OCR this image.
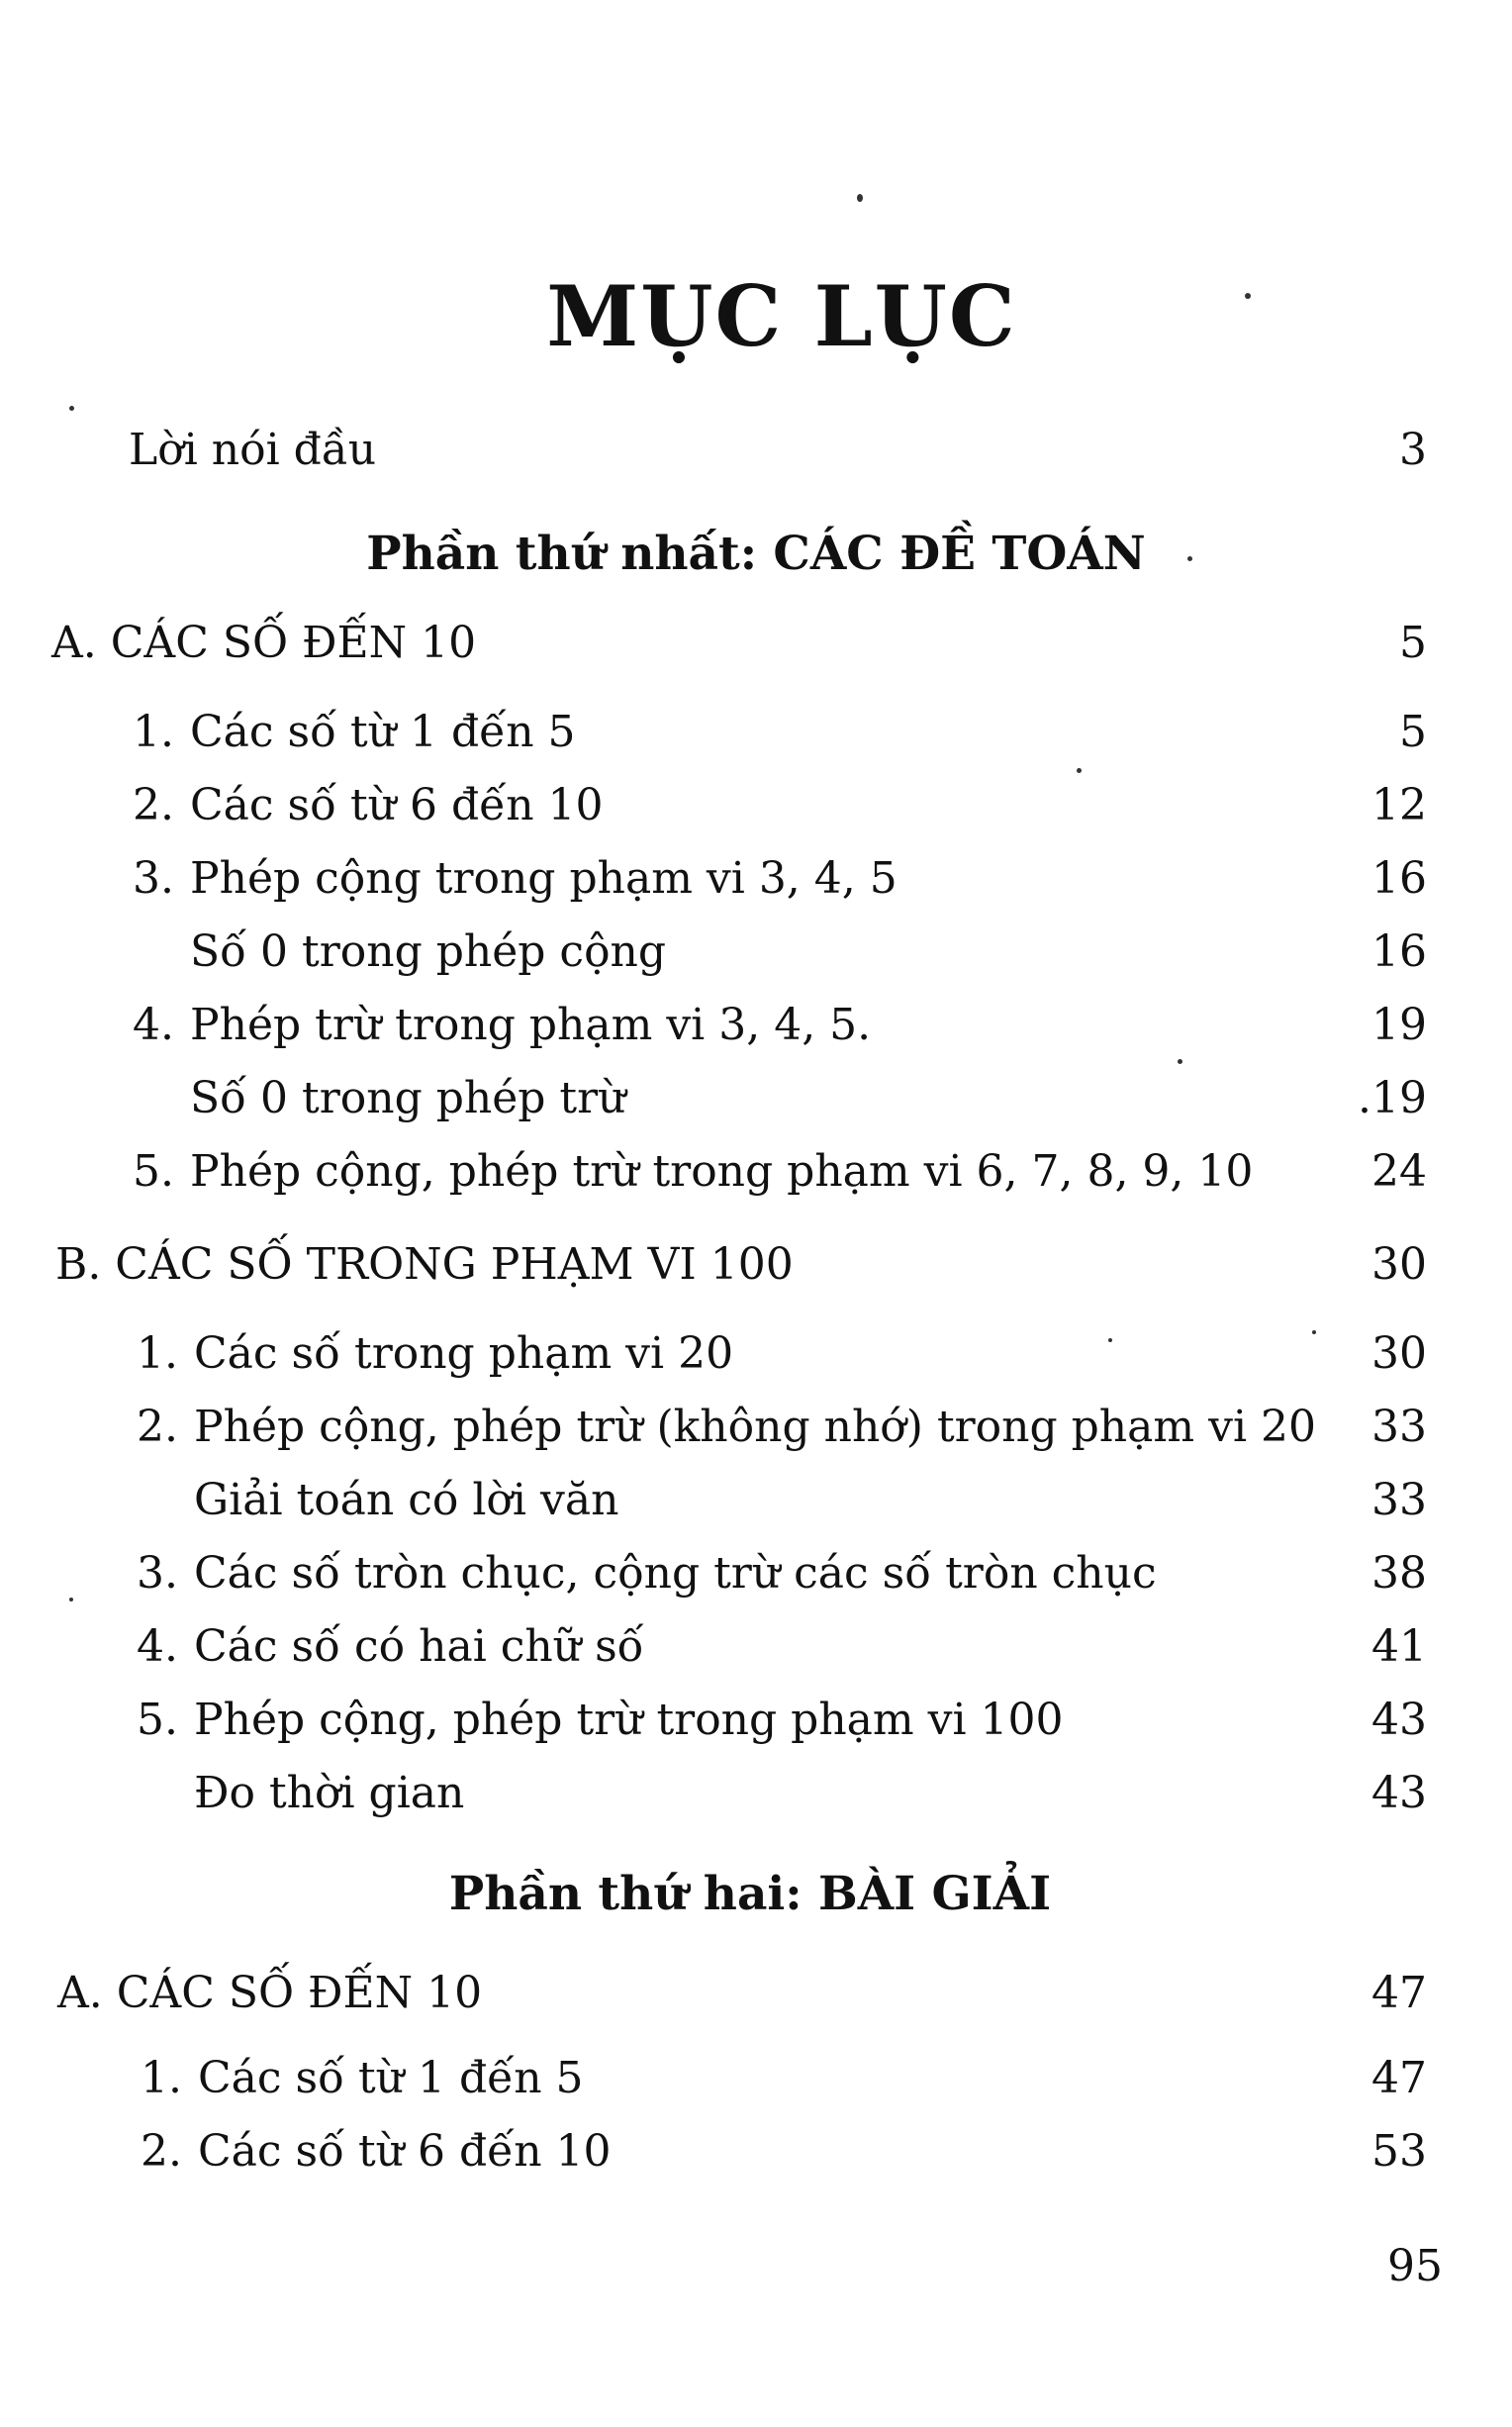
MỤC LỤC
Lời nói đầu	3
Phần thứ nhất: CÁC ĐỀ TOÁN
A. CÁC SỐ ĐẾN 10	5
1. Các số từ 1 đến 5	5
2. Các số từ 6 đến 10	12
3. Phép cộng trong phạm vi 3, 4, 5	16
Số 0 trong phép cộng	16
4. Phép trừ trong phạm vi 3, 4, 5.	19
Số 0 trong phép trừ	.19
5. Phép cộng, phép trừ trong phạm vi 6, 7, 8, 9, 10	24
B. CÁC SỐ TRONG PHẠM VI 100	30
1. Các số trong phạm vi 20	30
2. Phép cộng, phép trừ (không nhớ) trong phạm vi 20	33
Giải toán có lời văn	33
3. Các số tròn chục, cộng trừ các số tròn chục	38
4. Các số có hai chữ số	41
5. Phép cộng, phép trừ trong phạm vi 100	43
Đo thời gian	43
Phần thứ hai: BÀI GIẢI
A. CÁC SỐ ĐẾN 10	47
1. Các số từ 1 đến 5	47
2. Các số từ 6 đến 10	53
95
